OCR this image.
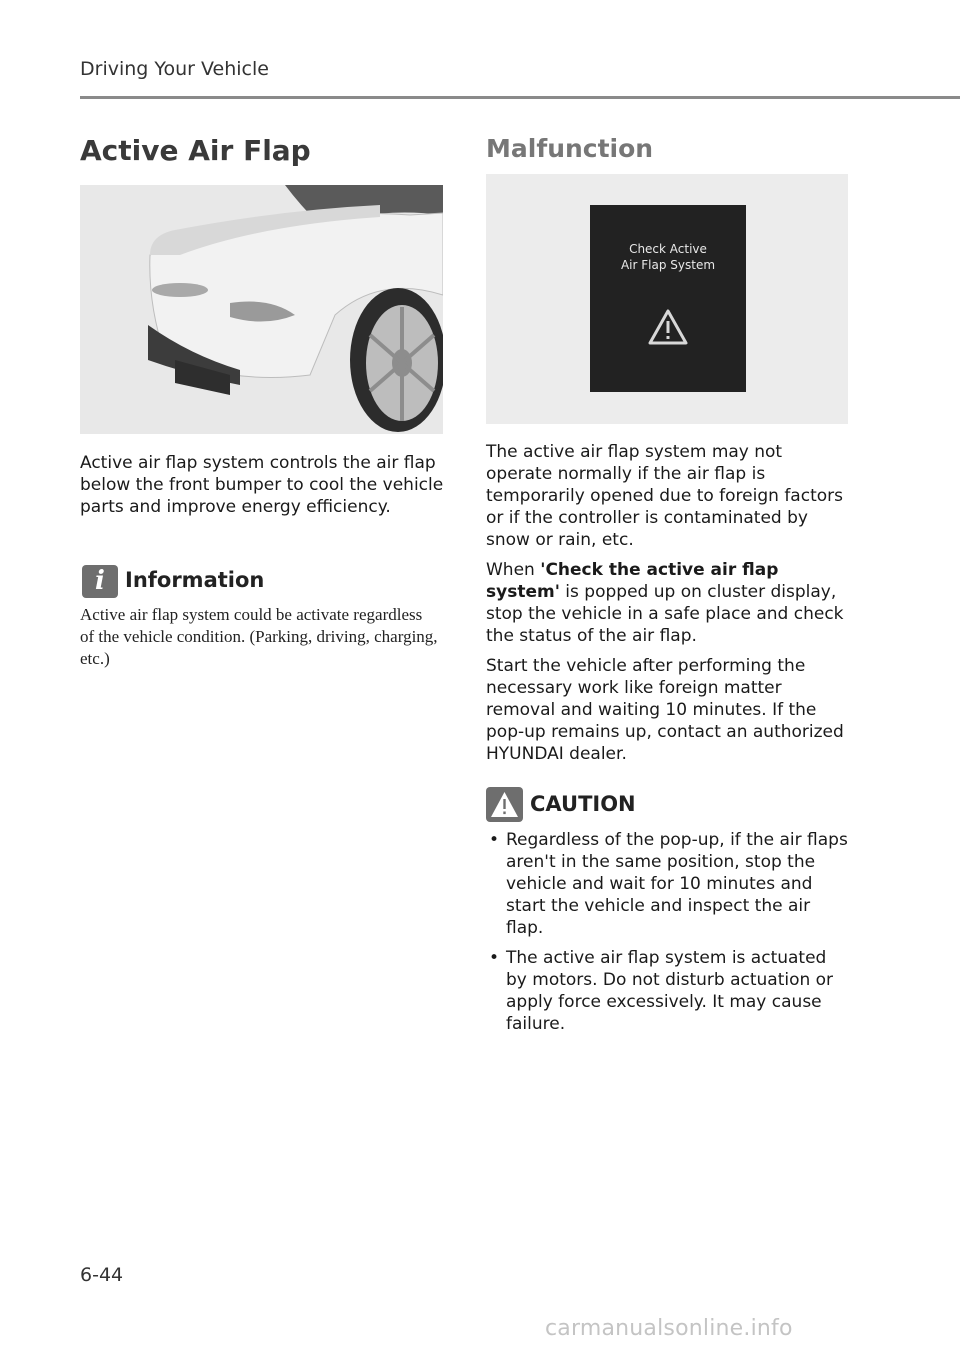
Driving Your Vehicle
Active Air Flap

Active air flap system controls the air flap below the front bumper to cool the vehicle parts and improve energy efficiency.

i Information

Active air flap system could be activate regardless of the vehicle condition. (Parking, driving, charging, etc.)

Malfunction
Check Active
Air Flap System

The active air flap system may not operate normally if the air flap is temporarily opened due to foreign factors or if the controller is contaminated by snow or rain, etc.

When 'Check the active air flap system' is popped up on cluster display, stop the vehicle in a safe place and check the status of the air flap.

Start the vehicle after performing the necessary work like foreign matter removal and waiting 10 minutes. If the pop-up remains up, contact an authorized HYUNDAI dealer.

CAUTION
• Regardless of the pop-up, if the air flaps aren't in the same position, stop the vehicle and wait for 10 minutes and start the vehicle and inspect the air flap.
• The active air flap system is actuated by motors. Do not disturb actuation or apply force excessively. It may cause failure.
6-44
carmanualsonline.info
